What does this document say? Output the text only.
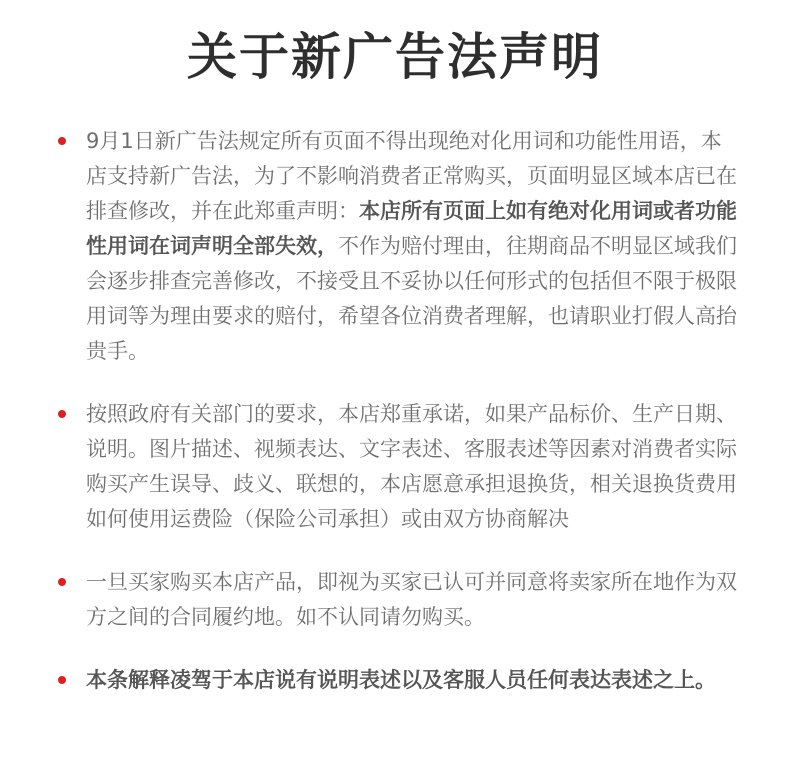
关于新广告法声明
9月1日新广告法规定所有页面不得出现绝对化用词和功能性用语，本店支持新广告法，为了不影响消费者正常购买，页面明显区域本店已在排查修改，并在此郑重声明：本店所有页面上如有绝对化用词或者功能性用词在词声明全部失效，不作为赔付理由，往期商品不明显区域我们会逐步排查完善修改，不接受且不妥协以任何形式的包括但不限于极限用词等为理由要求的赔付，希望各位消费者理解，也请职业打假人高抬贵手。
按照政府有关部门的要求，本店郑重承诺，如果产品标价、生产日期、说明。图片描述、视频表达、文字表述、客服表述等因素对消费者实际购买产生误导、歧义、联想的，本店愿意承担退换货，相关退换货费用如何使用运费险（保险公司承担）或由双方协商解决
一旦买家购买本店产品，即视为买家已认可并同意将卖家所在地作为双方之间的合同履约地。如不认同请勿购买。
本条解释凌驾于本店说有说明表述以及客服人员任何表达表述之上。
